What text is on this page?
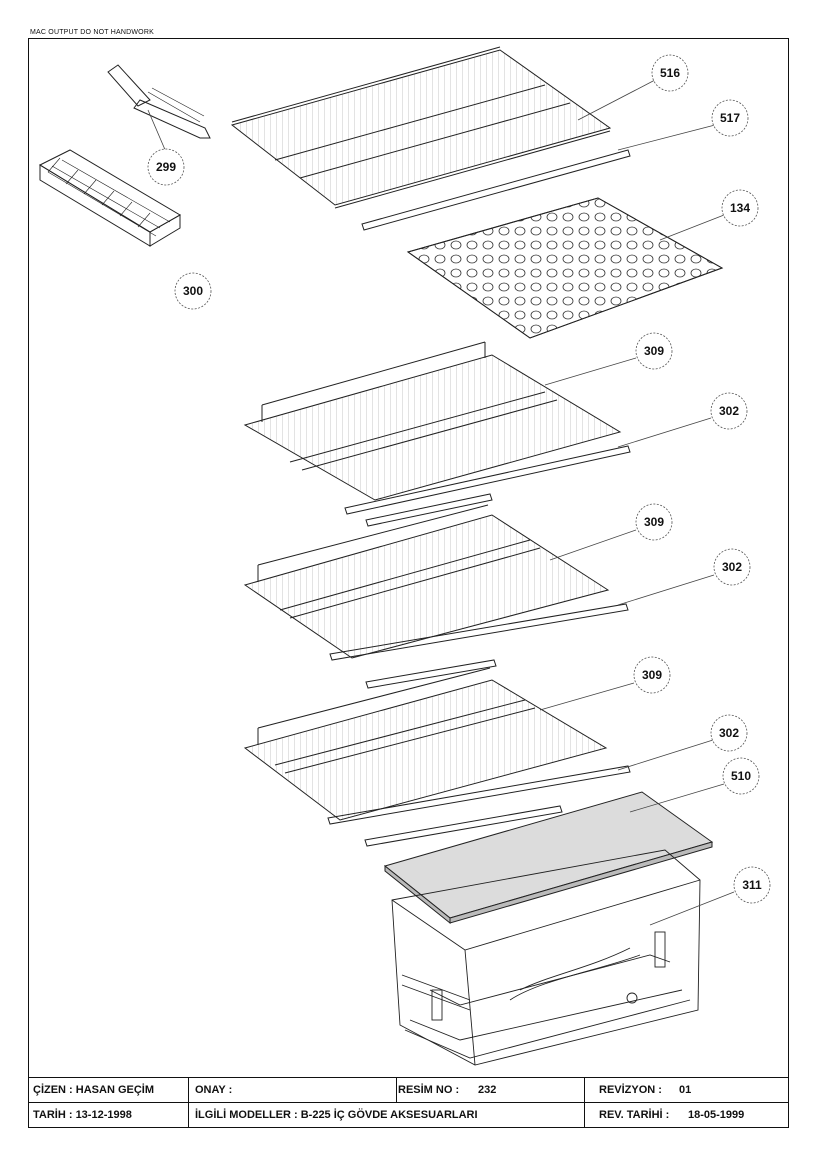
MAC OUTPUT DO NOT HANDWORK
516
517
299
134
300
309
302
309
302
309
302
510
311
ÇİZEN : HASAN GEÇİM	ONAY :	RESİM NO : 232	REVİZYON : 01
TARİH : 13-12-1998	İLGİLİ MODELLER : B-225 İÇ GÖVDE AKSESUARLARI	REV. TARİHİ : 18-05-1999
